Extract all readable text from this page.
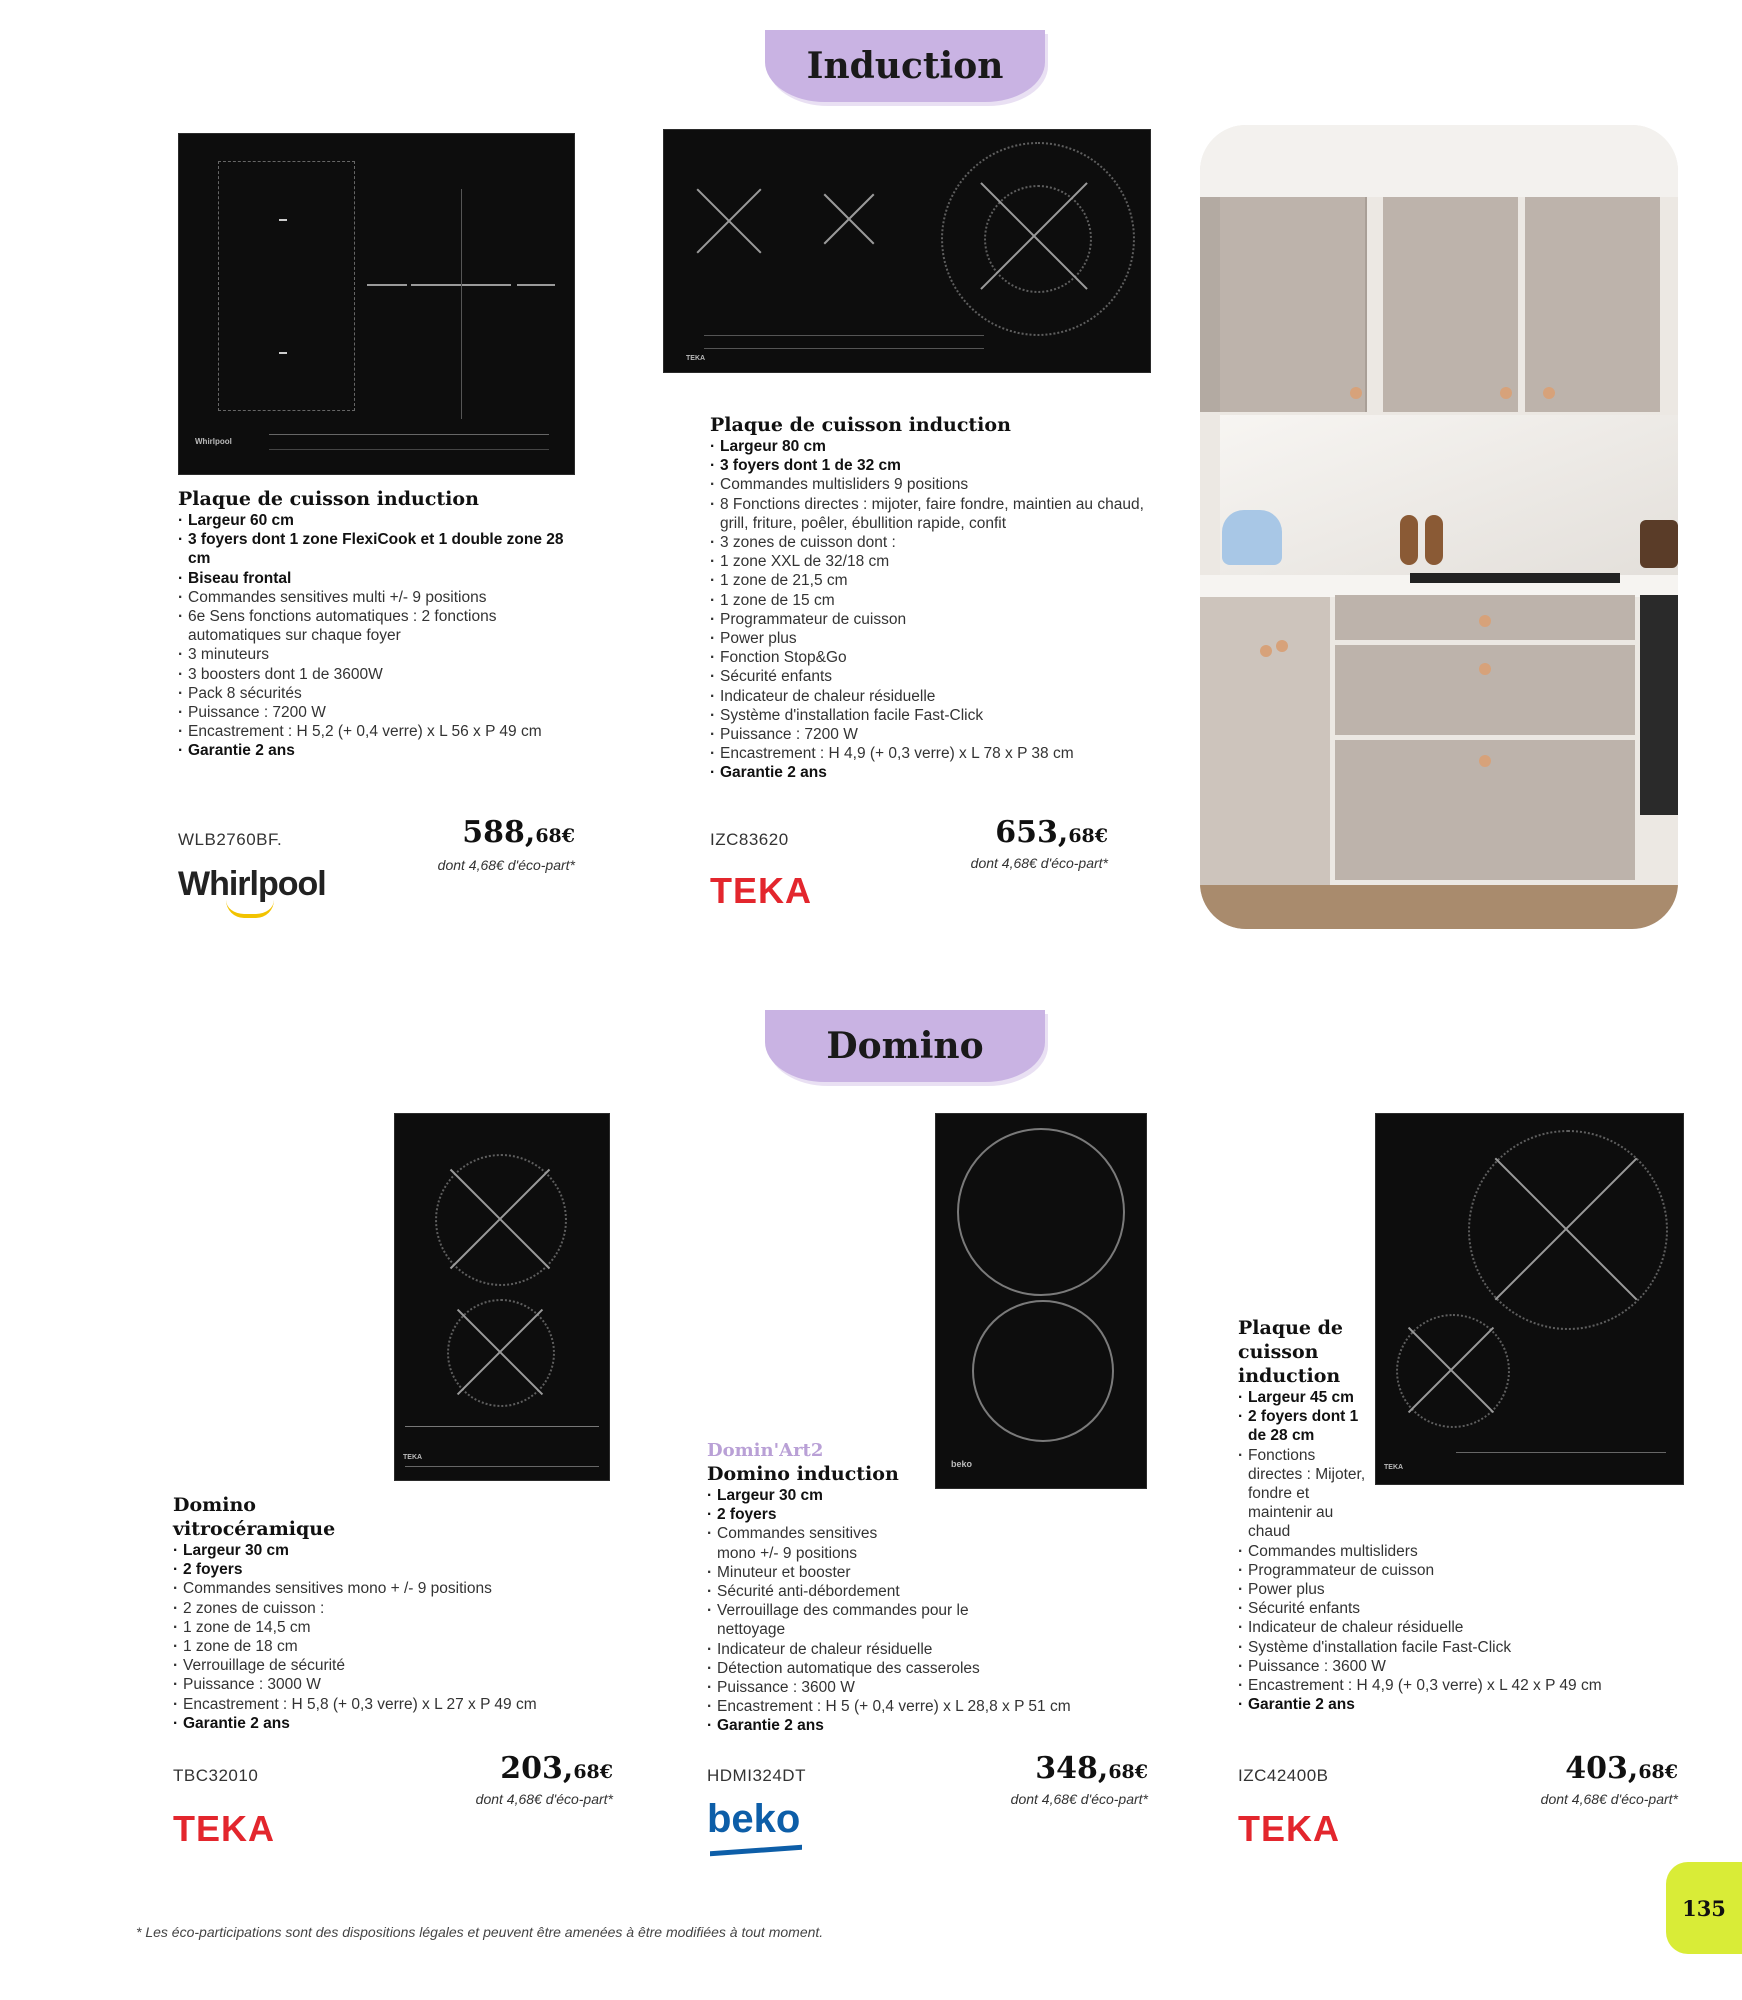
Induction
Whirlpool
TEKA

Plaque de cuisson induction

· Largeur 60 cm
· 3 foyers dont 1 zone FlexiCook et 1 double zone 28 cm
· Biseau frontal
· Commandes sensitives multi +/- 9 positions
· 6e Sens fonctions automatiques : 2 fonctions automatiques sur chaque foyer
· 3 minuteurs
· 3 boosters dont 1 de 3600W
· Pack 8 sécurités
· Puissance : 7200 W
· Encastrement : H 5,2 (+ 0,4 verre) x L 56 x P 49 cm
· Garantie 2 ans
WLB2760BF.	588,68€
dont 4,68€ d'éco-part*
Whirlpool

Plaque de cuisson induction

· Largeur 80 cm
· 3 foyers dont 1 de 32 cm
· Commandes multisliders 9 positions
· 8 Fonctions directes : mijoter, faire fondre, maintien au chaud, grill, friture, poêler, ébullition rapide, confit
· 3 zones de cuisson dont :
· 1 zone XXL de 32/18 cm
· 1 zone de 21,5 cm
· 1 zone de 15 cm
· Programmateur de cuisson
· Power plus
· Fonction Stop&Go
· Sécurité enfants
· Indicateur de chaleur résiduelle
· Système d'installation facile Fast-Click
· Puissance : 7200 W
· Encastrement : H 4,9 (+ 0,3 verre) x L 78 x P 38 cm
· Garantie 2 ans
IZC83620	653,68€
dont 4,68€ d'éco-part*
TEKA
Domino
TEKA
beko	TEKA

Domino vitrocéramique

· Largeur 30 cm
· 2 foyers
· Commandes sensitives mono + /- 9 positions
· 2 zones de cuisson :
· 1 zone de 14,5 cm
· 1 zone de 18 cm
· Verrouillage de sécurité
· Puissance : 3000 W
· Encastrement : H 5,8 (+ 0,3 verre) x L 27 x P 49 cm
· Garantie 2 ans
TBC32010	203,68€
dont 4,68€ d'éco-part*
TEKA

Domin'Art2

Domino induction

· Largeur 30 cm
· 2 foyers
· Commandes sensitives mono +/- 9 positions
· Minuteur et booster
· Sécurité anti-débordement
· Verrouillage des commandes pour le nettoyage
· Indicateur de chaleur résiduelle
· Détection automatique des casseroles
· Puissance : 3600 W
· Encastrement : H 5 (+ 0,4 verre) x L 28,8 x P 51 cm
· Garantie 2 ans
HDMI324DT	348,68€
dont 4,68€ d'éco-part*
beko

Plaque de cuisson induction

· Largeur 45 cm
· 2 foyers dont 1 de 28 cm
· Fonctions directes : Mijoter, fondre et maintenir au chaud
· Commandes multisliders
· Programmateur de cuisson
· Power plus
· Sécurité enfants
· Indicateur de chaleur résiduelle
· Système d'installation facile Fast-Click
· Puissance : 3600 W
· Encastrement : H 4,9 (+ 0,3 verre) x L 42 x P 49 cm
· Garantie 2 ans
IZC42400B	403,68€
dont 4,68€ d'éco-part*
TEKA
* Les éco-participations sont des dispositions légales et peuvent être amenées à être modifiées à tout moment.
135
